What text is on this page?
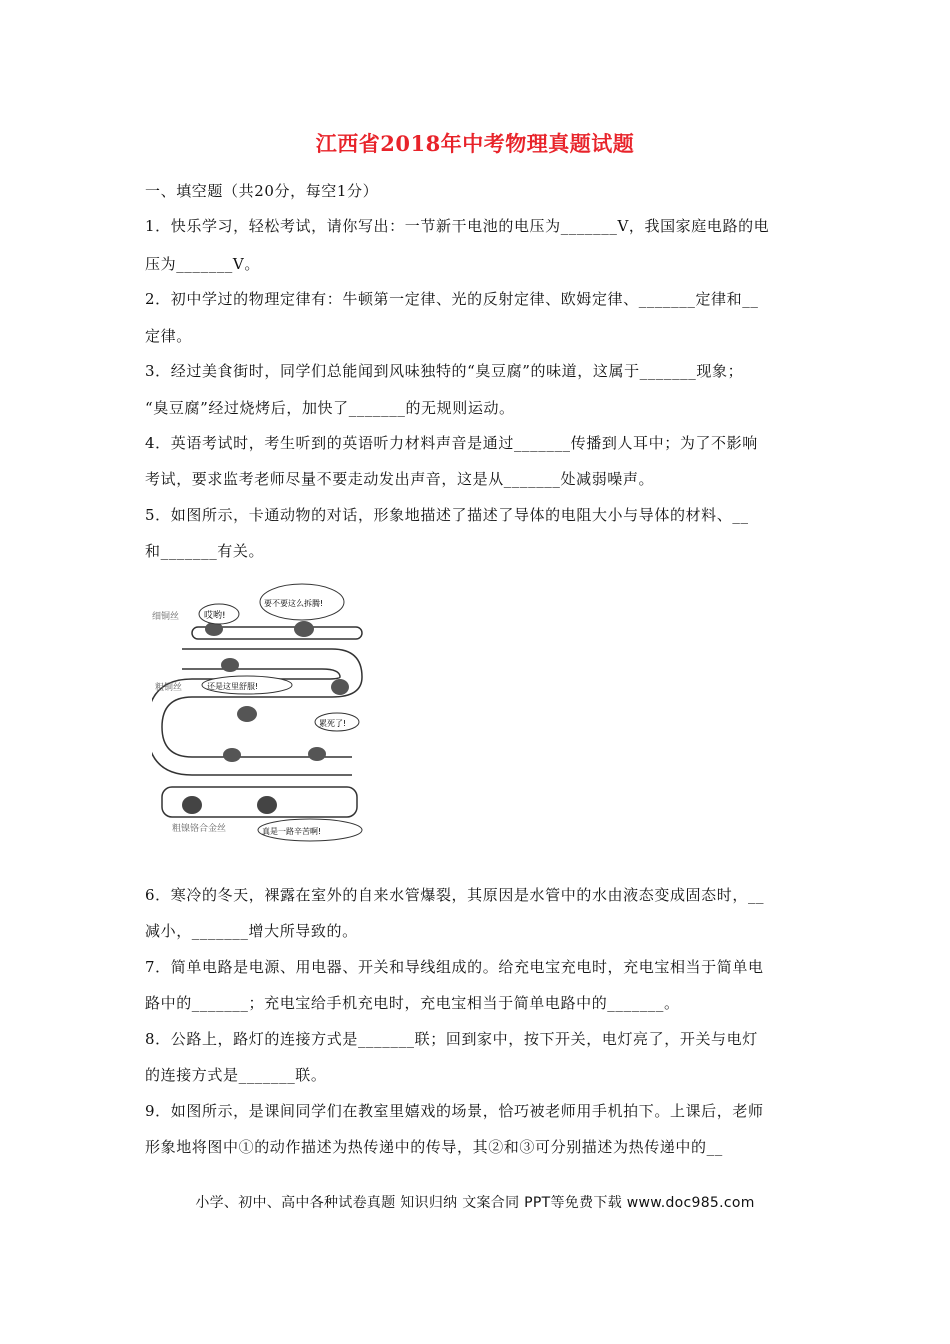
江西省2018年中考物理真题试题
一、填空题（共20分，每空1分）
1．快乐学习，轻松考试，请你写出：一节新干电池的电压为_______V，我国家庭电路的电
压为_______V。
2．初中学过的物理定律有：牛顿第一定律、光的反射定律、欧姆定律、_______定律和__
定律。
3．经过美食街时，同学们总能闻到风味独特的“臭豆腐”的味道，这属于_______现象；
“臭豆腐”经过烧烤后，加快了_______的无规则运动。
4．英语考试时，考生听到的英语听力材料声音是通过_______传播到人耳中；为了不影响
考试，要求监考老师尽量不要走动发出声音，这是从_______处减弱噪声。
5．如图所示，卡通动物的对话，形象地描述了描述了导体的电阻大小与导体的材料、__
和_______有关。
细铜丝
粗铜丝
粗镍铬合金丝
哎哟!
要不要这么拆腾!
还是这里舒服!
累死了!
真是一路辛苦啊!
6．寒冷的冬天，裸露在室外的自来水管爆裂，其原因是水管中的水由液态变成固态时，__
减小，_______增大所导致的。
7．简单电路是电源、用电器、开关和导线组成的。给充电宝充电时，充电宝相当于简单电
路中的_______；充电宝给手机充电时，充电宝相当于简单电路中的_______。
8．公路上，路灯的连接方式是_______联；回到家中，按下开关，电灯亮了，开关与电灯
的连接方式是_______联。
9．如图所示，是课间同学们在教室里嬉戏的场景，恰巧被老师用手机拍下。上课后，老师
形象地将图中①的动作描述为热传递中的传导，其②和③可分别描述为热传递中的__
小学、初中、高中各种试卷真题 知识归纳 文案合同 PPT等免费下载 www.doc985.com
